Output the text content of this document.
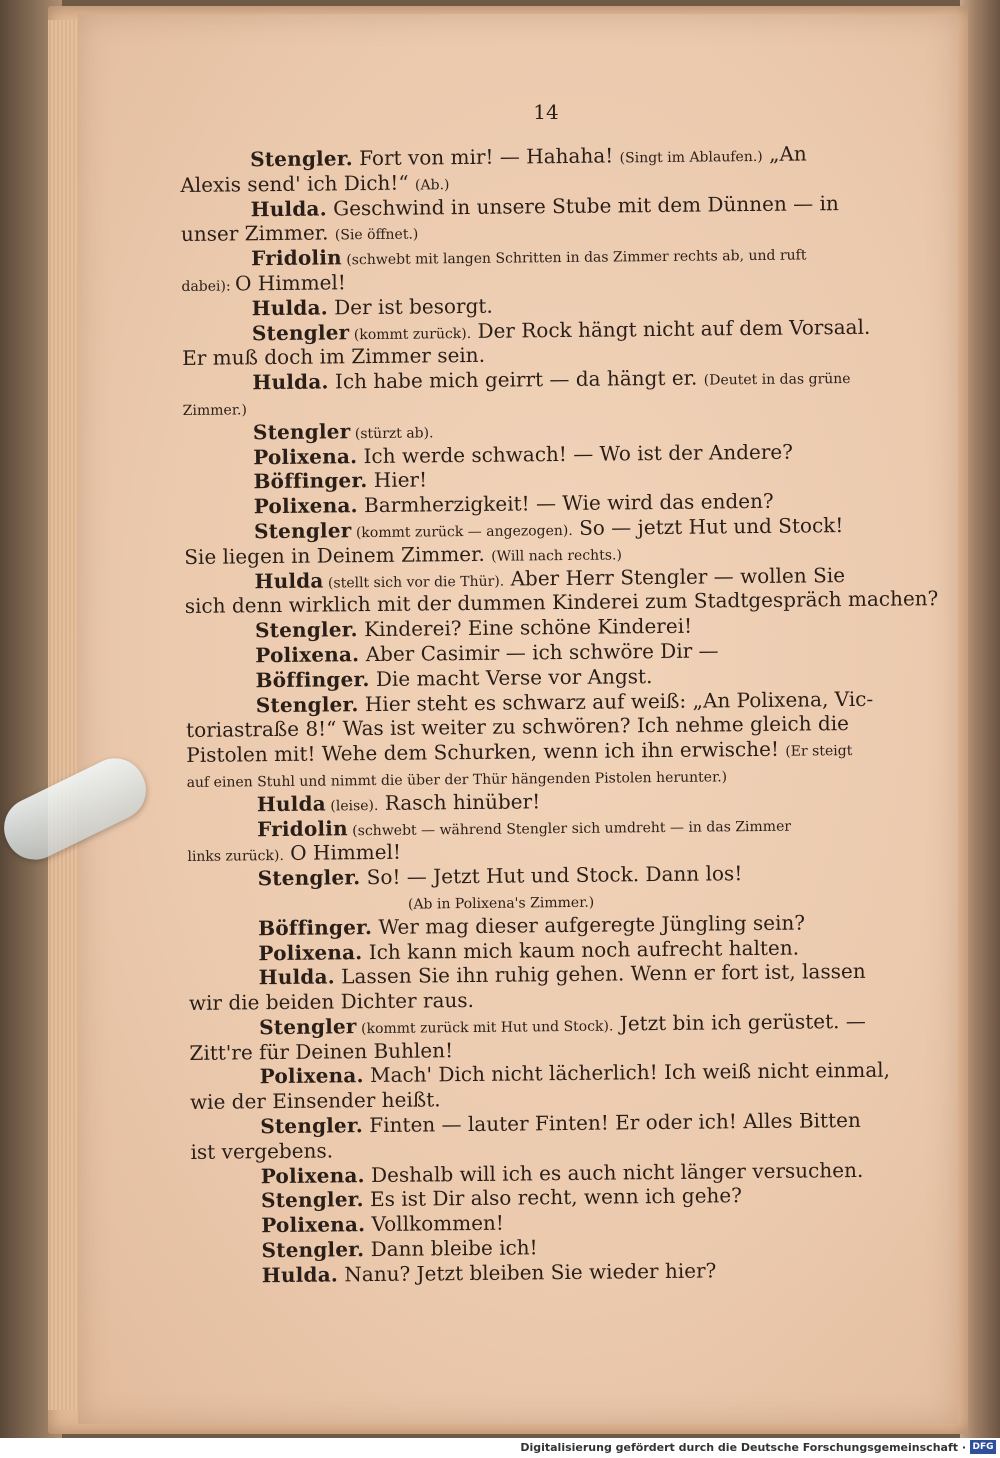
14
Stengler. Fort von mir! — Hahaha! (Singt im Ablaufen.) „An
Alexis send' ich Dich!“ (Ab.)
Hulda. Geschwind in unsere Stube mit dem Dünnen — in
unser Zimmer. (Sie öffnet.)
Fridolin (schwebt mit langen Schritten in das Zimmer rechts ab, und ruft
dabei): O Himmel!
Hulda. Der ist besorgt.
Stengler (kommt zurück). Der Rock hängt nicht auf dem Vorsaal.
Er muß doch im Zimmer sein.
Hulda. Ich habe mich geirrt — da hängt er. (Deutet in das grüne
Zimmer.)
Stengler (stürzt ab).
Polixena. Ich werde schwach! — Wo ist der Andere?
Böffinger. Hier!
Polixena. Barmherzigkeit! — Wie wird das enden?
Stengler (kommt zurück — angezogen). So — jetzt Hut und Stock!
Sie liegen in Deinem Zimmer. (Will nach rechts.)
Hulda (stellt sich vor die Thür). Aber Herr Stengler — wollen Sie
sich denn wirklich mit der dummen Kinderei zum Stadtgespräch machen?
Stengler. Kinderei? Eine schöne Kinderei!
Polixena. Aber Casimir — ich schwöre Dir —
Böffinger. Die macht Verse vor Angst.
Stengler. Hier steht es schwarz auf weiß: „An Polixena, Vic-
toriastraße 8!“ Was ist weiter zu schwören? Ich nehme gleich die
Pistolen mit! Wehe dem Schurken, wenn ich ihn erwische! (Er steigt
auf einen Stuhl und nimmt die über der Thür hängenden Pistolen herunter.)
Hulda (leise). Rasch hinüber!
Fridolin (schwebt — während Stengler sich umdreht — in das Zimmer
links zurück). O Himmel!
Stengler. So! — Jetzt Hut und Stock. Dann los!
(Ab in Polixena's Zimmer.)
Böffinger. Wer mag dieser aufgeregte Jüngling sein?
Polixena. Ich kann mich kaum noch aufrecht halten.
Hulda. Lassen Sie ihn ruhig gehen. Wenn er fort ist, lassen
wir die beiden Dichter raus.
Stengler (kommt zurück mit Hut und Stock). Jetzt bin ich gerüstet. —
Zitt're für Deinen Buhlen!
Polixena. Mach' Dich nicht lächerlich! Ich weiß nicht einmal,
wie der Einsender heißt.
Stengler. Finten — lauter Finten! Er oder ich! Alles Bitten
ist vergebens.
Polixena. Deshalb will ich es auch nicht länger versuchen.
Stengler. Es ist Dir also recht, wenn ich gehe?
Polixena. Vollkommen!
Stengler. Dann bleibe ich!
Hulda. Nanu? Jetzt bleiben Sie wieder hier?
Digitalisierung gefördert durch die Deutsche Forschungsgemeinschaft · DFG
